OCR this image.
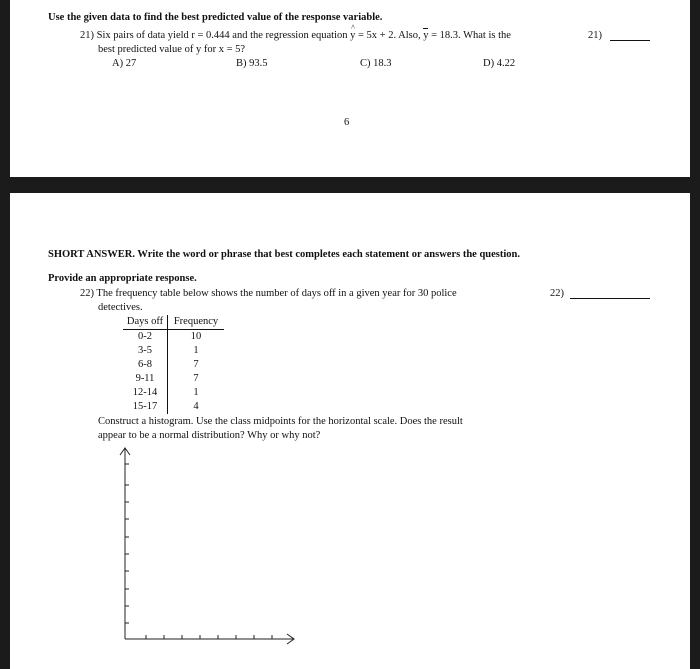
Use the given data to find the best predicted value of the response variable.
21) Six pairs of data yield r = 0.444 and the regression equation ^ y = 5x + 2. Also, y = 18.3. What is the
best predicted value of y for x = 5?
21)
A) 27	B) 93.5	C) 18.3	D) 4.22
6
SHORT ANSWER. Write the word or phrase that best completes each statement or answers the question.
Provide an appropriate response.
22) The frequency table below shows the number of days off in a given year for 30 police
detectives.
22)
Days off	Frequency
0-2	10
3-5	1
6-8	7
9-11	7
12-14	1
15-17	4
Construct a histogram. Use the class midpoints for the horizontal scale. Does the result
appear to be a normal distribution? Why or why not?
